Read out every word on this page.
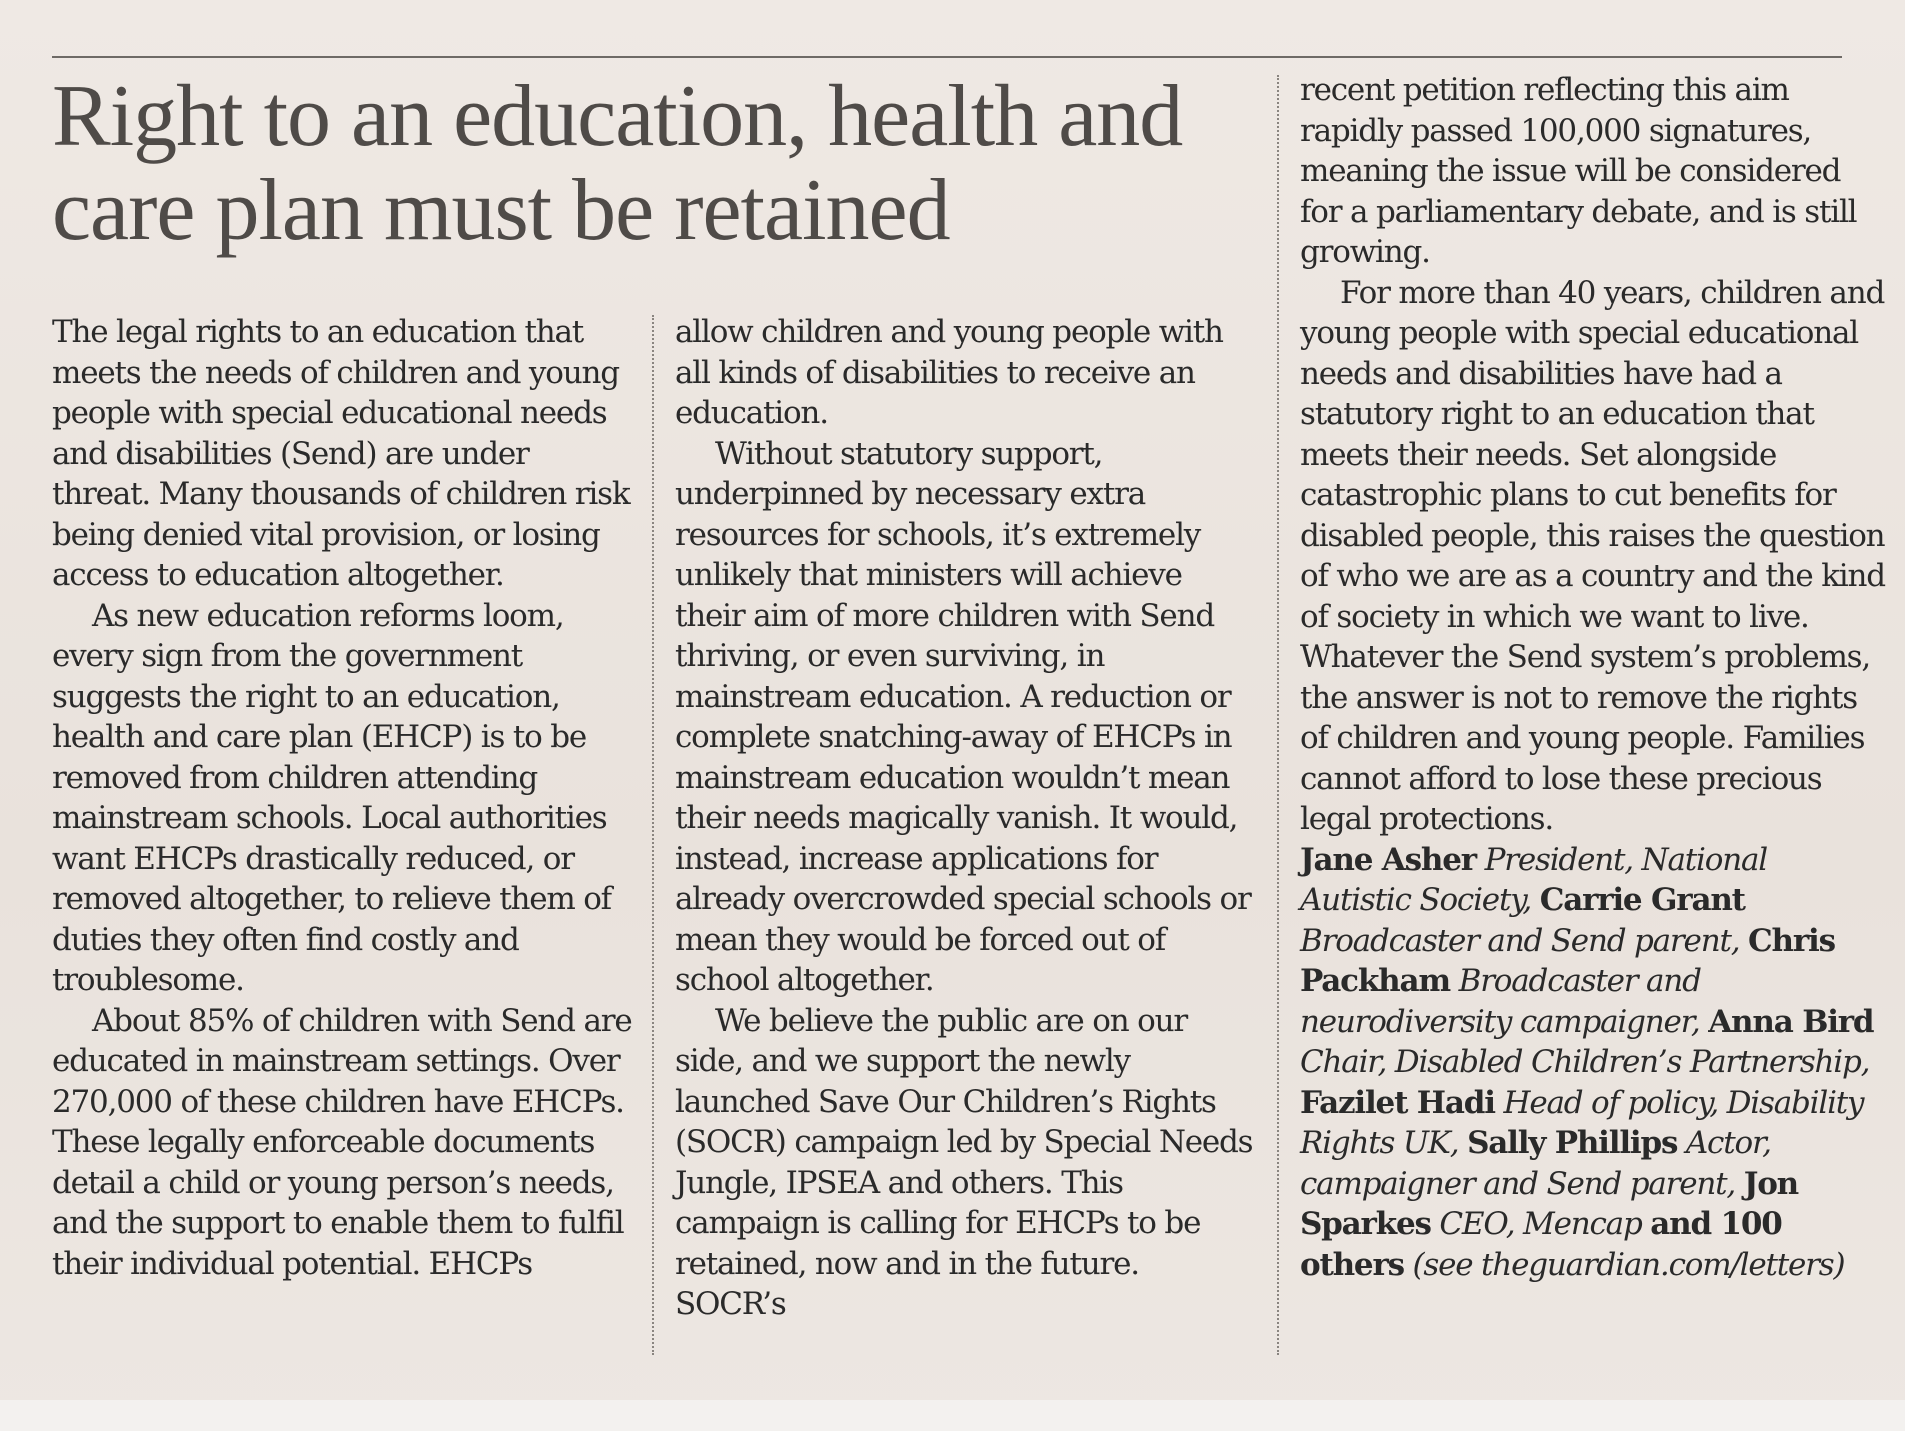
Right to an education, health and care plan must be retained

The legal rights to an education that meets the needs of children and young people with special educational needs and disabilities (Send) are under threat. Many thousands of children risk being denied vital provision, or losing access to education altogether.

As new education reforms loom, every sign from the government suggests the right to an education, health and care plan (EHCP) is to be removed from children attending mainstream schools. Local authorities want EHCPs drastically reduced, or removed altogether, to relieve them of duties they often find costly and troublesome.

About 85% of children with Send are educated in mainstream settings. Over 270,000 of these children have EHCPs. These legally enforceable documents detail a child or young person’s needs, and the support to enable them to fulfil their individual potential. EHCPs

allow children and young people with all kinds of disabilities to receive an education.

Without statutory support, underpinned by necessary extra resources for schools, it’s extremely unlikely that ministers will achieve their aim of more children with Send thriving, or even surviving, in mainstream education. A reduction or complete snatching-away of EHCPs in mainstream education wouldn’t mean their needs magically vanish. It would, instead, increase applications for already overcrowded special schools or mean they would be forced out of school altogether.

We believe the public are on our side, and we support the newly launched Save Our Children’s Rights (SOCR) campaign led by Special Needs Jungle, IPSEA and others. This campaign is calling for EHCPs to be retained, now and in the future. SOCR’s

recent petition reflecting this aim rapidly passed 100,000 signatures, meaning the issue will be considered for a parliamentary debate, and is still growing.

For more than 40 years, children and young people with special educational needs and disabilities have had a statutory right to an education that meets their needs. Set alongside catastrophic plans to cut benefits for disabled people, this raises the question of who we are as a country and the kind of society in which we want to live. Whatever the Send system’s problems, the answer is not to remove the rights of children and young people. Families cannot afford to lose these precious legal protections.

Jane Asher President, National Autistic Society, Carrie Grant Broadcaster and Send parent, Chris Packham Broadcaster and neurodiversity campaigner, Anna Bird Chair, Disabled Children’s Partnership, Fazilet Hadi Head of policy, Disability Rights UK, Sally Phillips Actor, campaigner and Send parent, Jon Sparkes CEO, Mencap and 100 others (see theguardian.com/letters)
